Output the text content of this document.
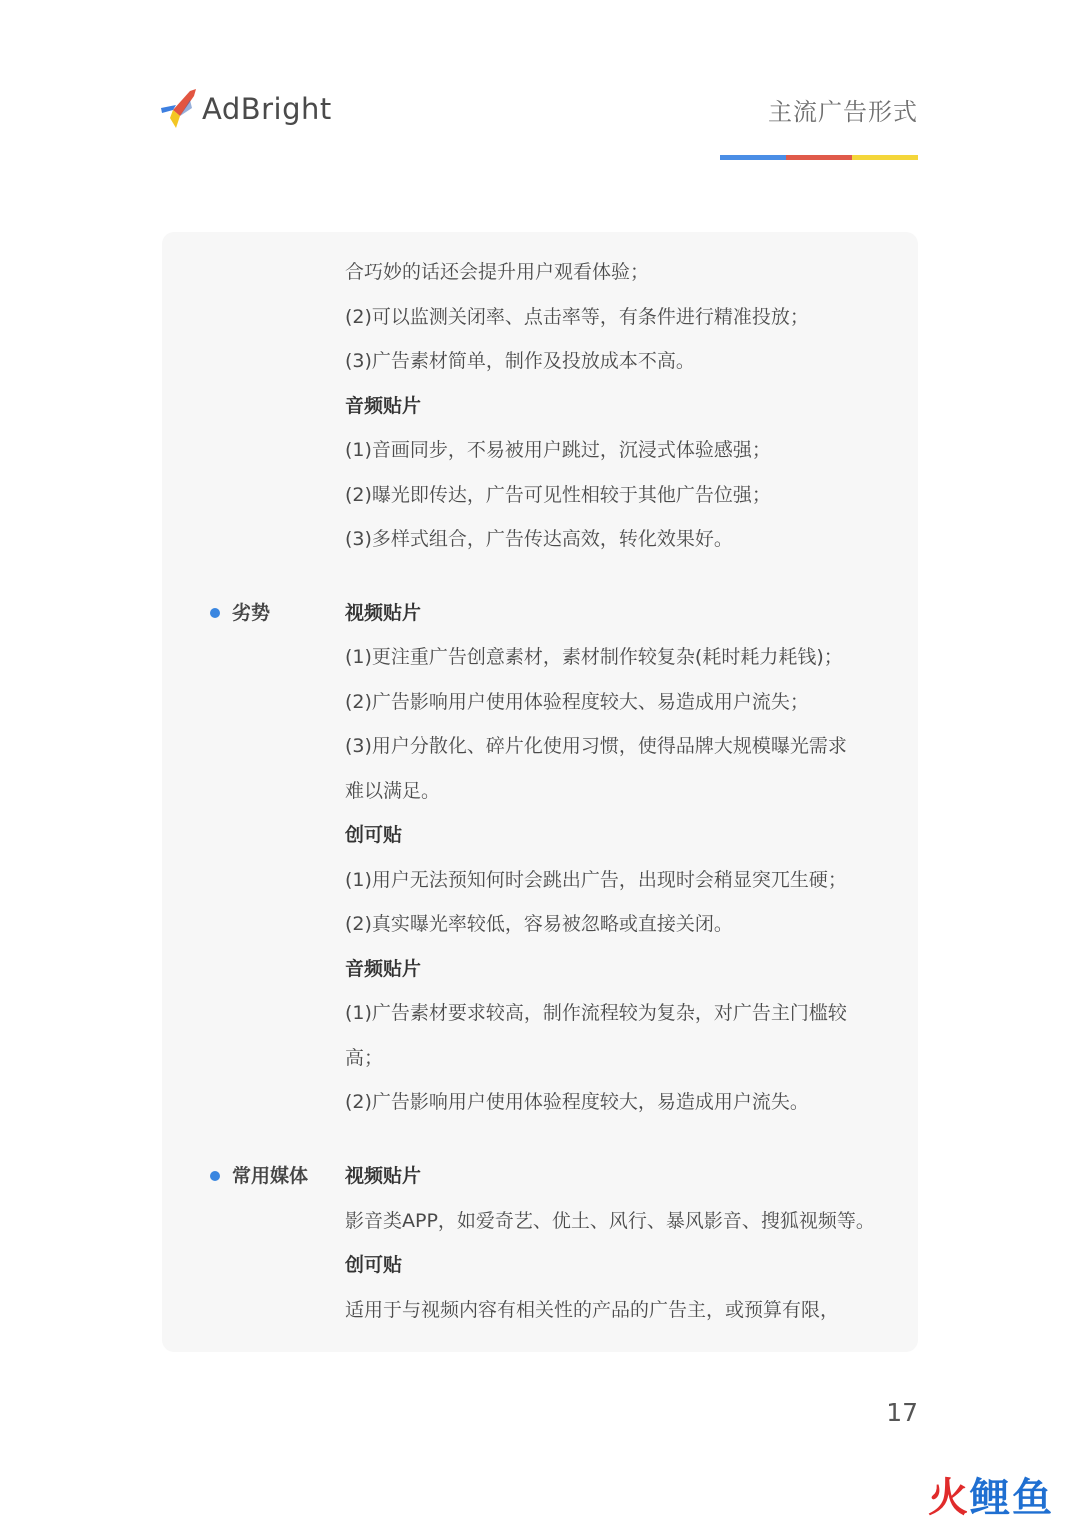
AdBright	主流广告形式
合巧妙的话还会提升用户观看体验；
(2)可以监测关闭率、点击率等，有条件进行精准投放；
(3)广告素材简单，制作及投放成本不高。
音频贴片
(1)音画同步，不易被用户跳过，沉浸式体验感强；
(2)曝光即传达，广告可见性相较于其他广告位强；
(3)多样式组合，广告传达高效，转化效果好。
劣势	视频贴片
(1)更注重广告创意素材，素材制作较复杂(耗时耗力耗钱)；
(2)广告影响用户使用体验程度较大、易造成用户流失；
(3)用户分散化、碎片化使用习惯，使得品牌大规模曝光需求
难以满足。
创可贴
(1)用户无法预知何时会跳出广告，出现时会稍显突兀生硬；
(2)真实曝光率较低，容易被忽略或直接关闭。
音频贴片
(1)广告素材要求较高，制作流程较为复杂，对广告主门槛较
高；
(2)广告影响用户使用体验程度较大，易造成用户流失。
常用媒体 视频贴片
影音类APP，如爱奇艺、优土、风行、暴风影音、搜狐视频等。
创可贴
适用于与视频内容有相关性的产品的广告主，或预算有限，
17
火 鲤鱼
